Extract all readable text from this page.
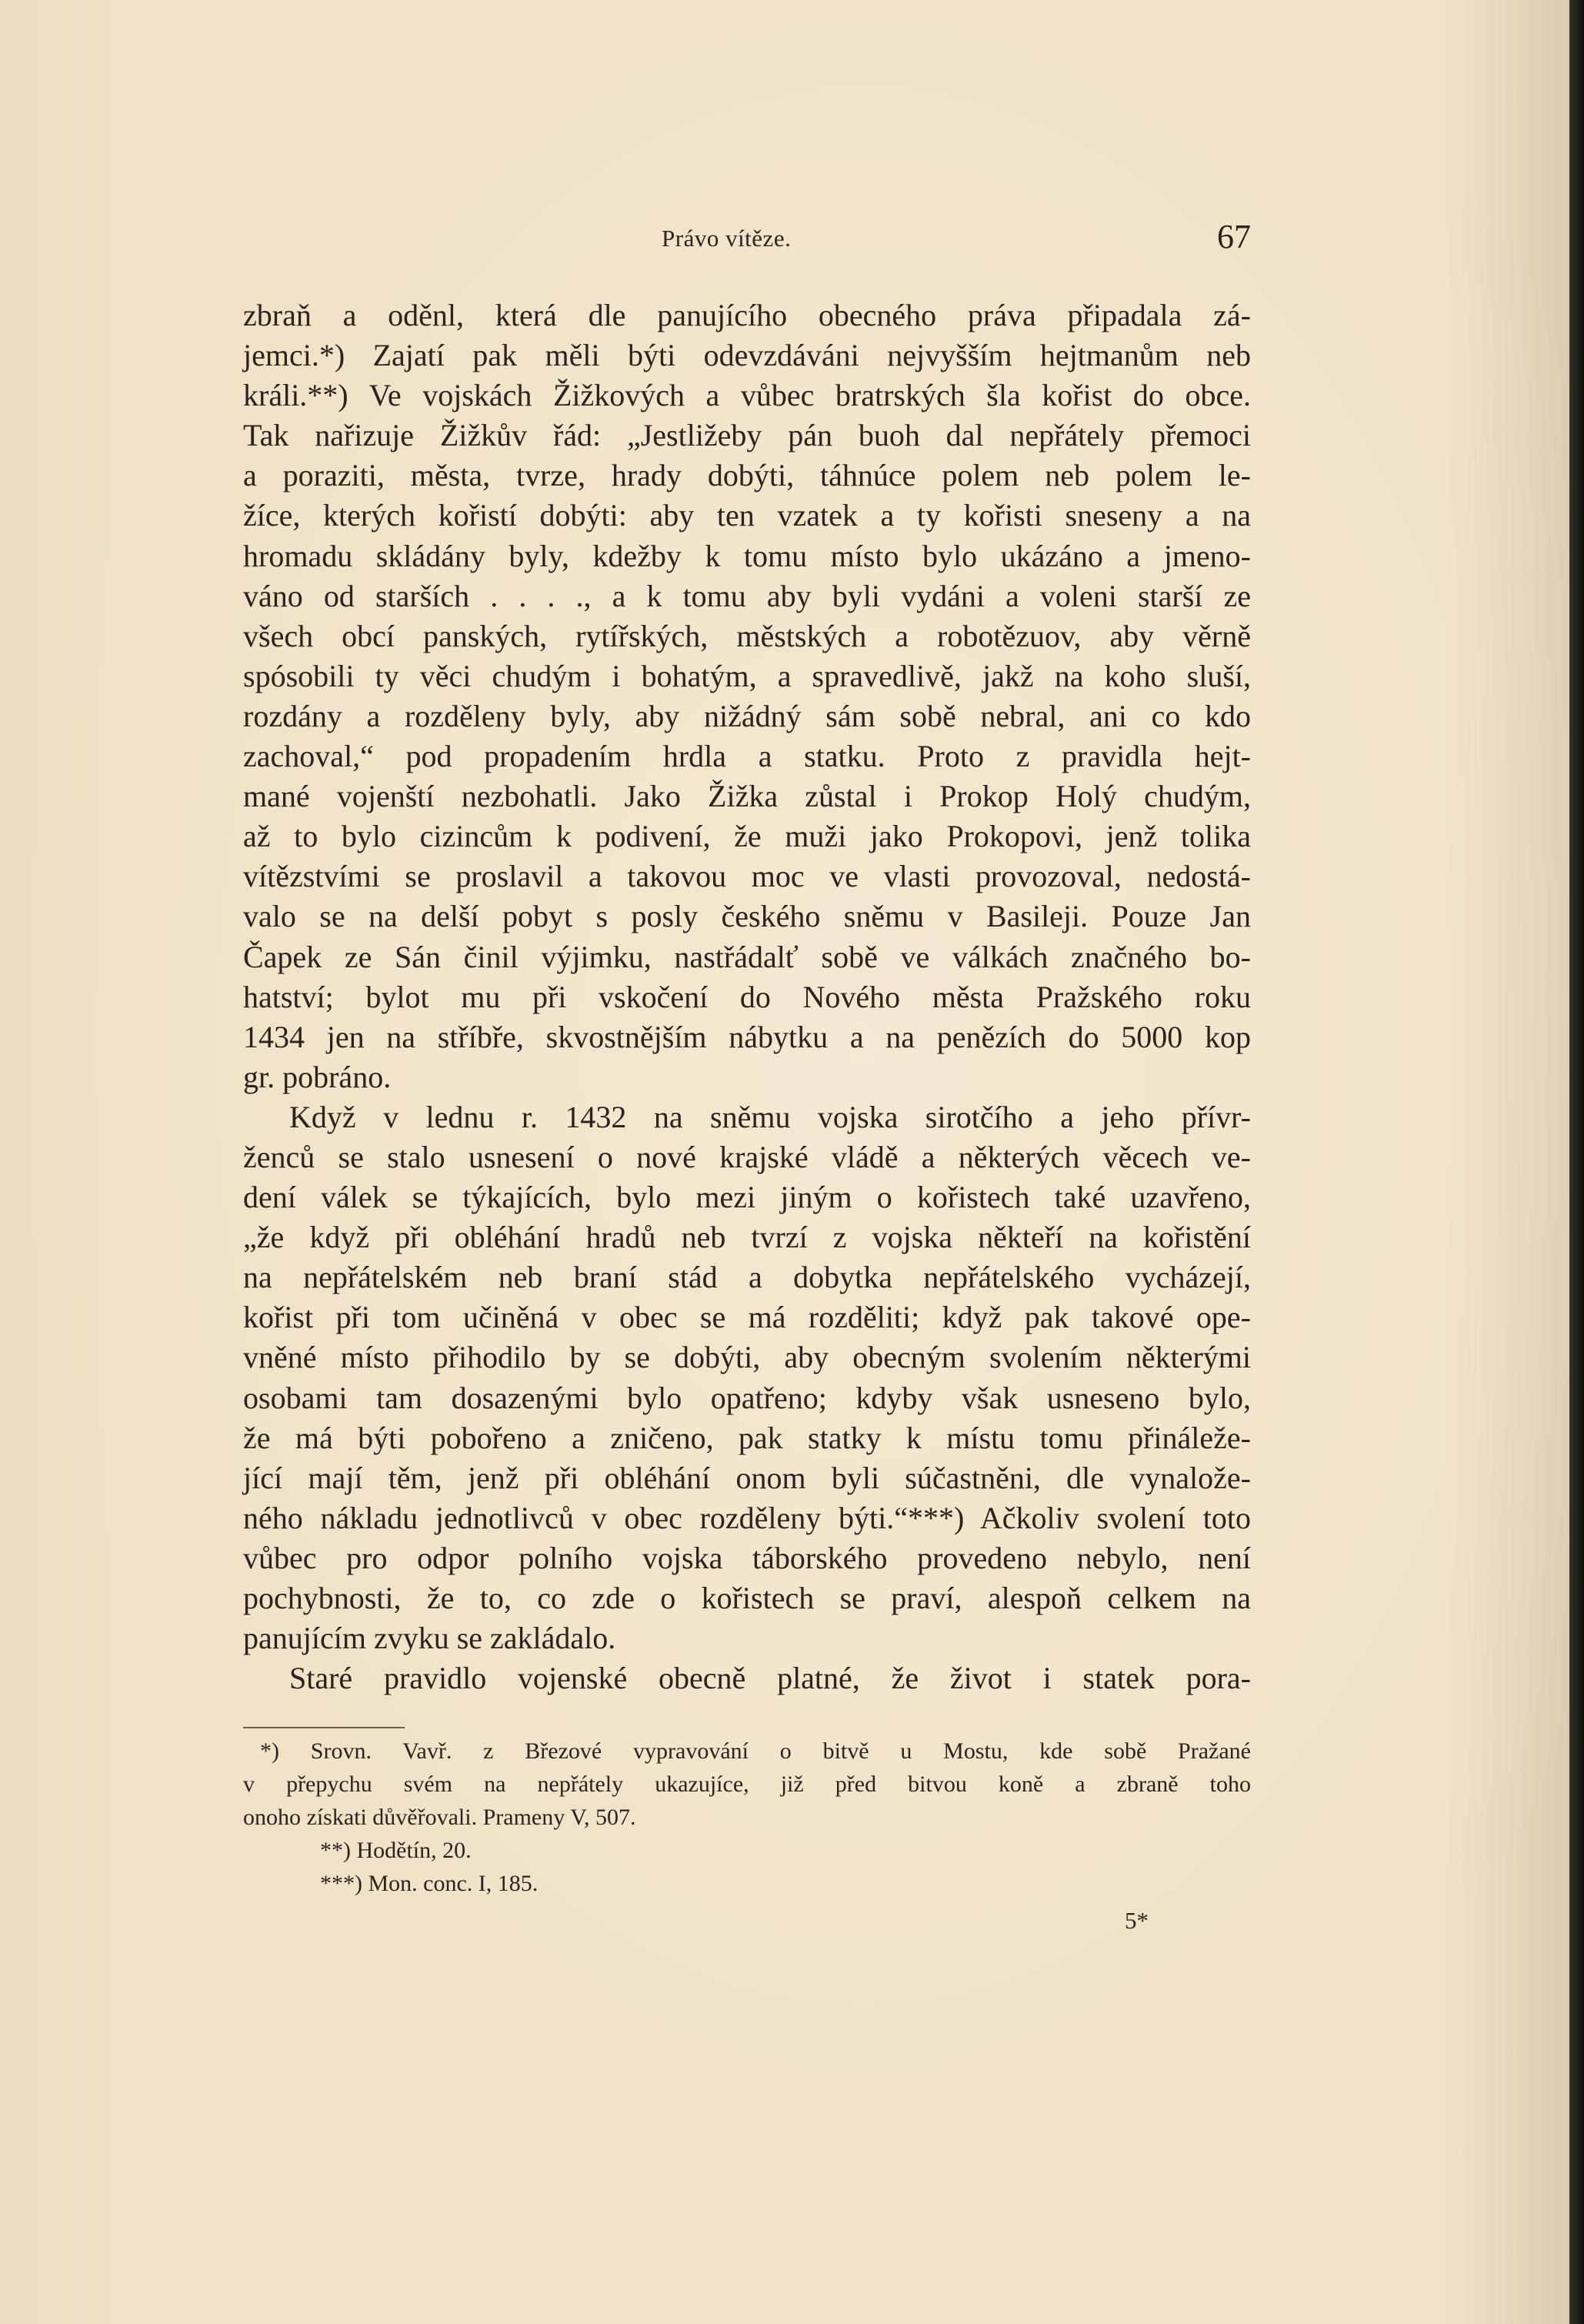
Právo vítěze.	67
zbraň a oděnl, která dle panujícího obecného práva připadala zá-
jemci.*) Zajatí pak měli býti odevzdáváni nejvyšším hejtmanům neb
králi.**) Ve vojskách Žižkových a vůbec bratrských šla kořist do obce.
Tak nařizuje Žižkův řád: „Jestližeby pán buoh dal nepřátely přemoci
a poraziti, města, tvrze, hrady dobýti, táhnúce polem neb polem le-
žíce, kterých kořistí dobýti: aby ten vzatek a ty kořisti sneseny a na
hromadu skládány byly, kdežby k tomu místo bylo ukázáno a jmeno-
váno od starších . . . ., a k tomu aby byli vydáni a voleni starší ze
všech obcí panských, rytířských, městských a robotězuov, aby věrně
spósobili ty věci chudým i bohatým, a spravedlivě, jakž na koho sluší,
rozdány a rozděleny byly, aby nižádný sám sobě nebral, ani co kdo
zachoval,“ pod propadením hrdla a statku. Proto z pravidla hejt-
mané vojenští nezbohatli. Jako Žižka zůstal i Prokop Holý chudým,
až to bylo cizincům k podivení, že muži jako Prokopovi, jenž tolika
vítězstvími se proslavil a takovou moc ve vlasti provozoval, nedostá-
valo se na delší pobyt s posly českého sněmu v Basileji. Pouze Jan
Čapek ze Sán činil výjimku, nastřádalť sobě ve válkách značného bo-
hatství; bylot mu při vskočení do Nového města Pražského roku
1434 jen na stříbře, skvostnějším nábytku a na penězích do 5000 kop
gr. pobráno.
Když v lednu r. 1432 na sněmu vojska sirotčího a jeho přívr-
ženců se stalo usnesení o nové krajské vládě a některých věcech ve-
dení válek se týkajících, bylo mezi jiným o kořistech také uzavřeno,
„že když při obléhání hradů neb tvrzí z vojska někteří na kořistění
na nepřátelském neb braní stád a dobytka nepřátelského vycházejí,
kořist při tom učiněná v obec se má rozděliti; když pak takové ope-
vněné místo přihodilo by se dobýti, aby obecným svolením některými
osobami tam dosazenými bylo opatřeno; kdyby však usneseno bylo,
že má býti pobořeno a zničeno, pak statky k místu tomu přináleže-
jící mají těm, jenž při obléhání onom byli súčastněni, dle vynalože-
ného nákladu jednotlivců v obec rozděleny býti.“***) Ačkoliv svolení toto
vůbec pro odpor polního vojska táborského provedeno nebylo, není
pochybnosti, že to, co zde o kořistech se praví, alespoň celkem na
panujícím zvyku se zakládalo.
Staré pravidlo vojenské obecně platné, že život i statek pora-
*) Srovn. Vavř. z Březové vypravování o bitvě u Mostu, kde sobě Pražané
v přepychu svém na nepřátely ukazujíce, již před bitvou koně a zbraně toho
onoho získati důvěřovali. Prameny V, 507.
**) Hodětín, 20.
***) Mon. conc. I, 185.
5*
